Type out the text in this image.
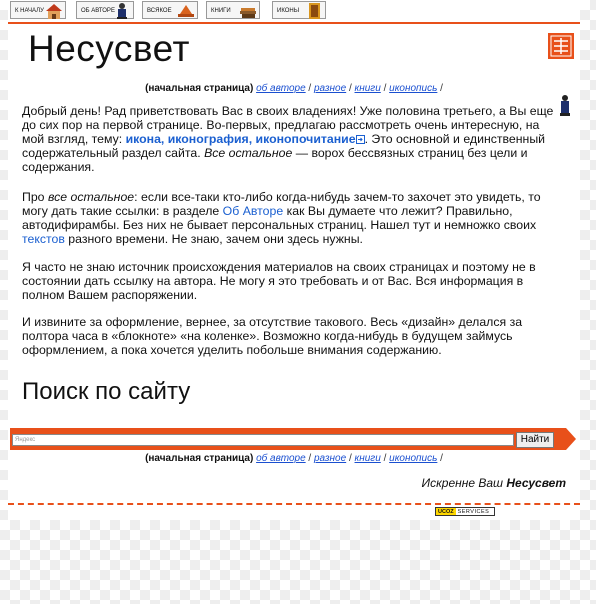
К НАЧАЛУ	ОБ АВТОРЕ	ВСЯКОЕ	КНИГИ	ИКОНЫ
Несусвет
(начальная страница) об авторе / разное / книги / иконопись /

Добрый день! Рад приветствовать Вас в своих владениях! Уже половина третьего, а Вы еще до сих пор на первой странице. Во-первых, предлагаю рассмотреть очень интересную, на мой взгляд, тему: икона, иконография, иконопочитание . Это основной и единственный содержательный раздел сайта. Все остальное — ворох бессвязных страниц без цели и содержания.

Про все остальное: если все-таки кто-либо когда-нибудь зачем-то захочет это увидеть, то могу дать такие ссылки: в разделе Об Авторе как Вы думаете что лежит? Правильно, автодифирамбы. Без них не бывает персональных страниц. Нашел тут и немножко своих текстов разного времени. Не знаю, зачем они здесь нужны.

Я часто не знаю источник происхождения материалов на своих страницах и поэтому не в состоянии дать ссылку на автора. Не могу я это требовать и от Вас. Вся информация в полном Вашем распоряжении.

И извините за оформление, вернее, за отсутствие такового. Весь «дизайн» делался за полтора часа в «блокноте» «на коленке». Возможно когда-нибудь в будущем займусь оформлением, а пока хочется уделить побольше внимания содержанию.

Поиск по сайту
Яндекс	Найти
(начальная страница) об авторе / разное / книги / иконопись /
Искренне Ваш Несусвет
UCOZ SERVICES
